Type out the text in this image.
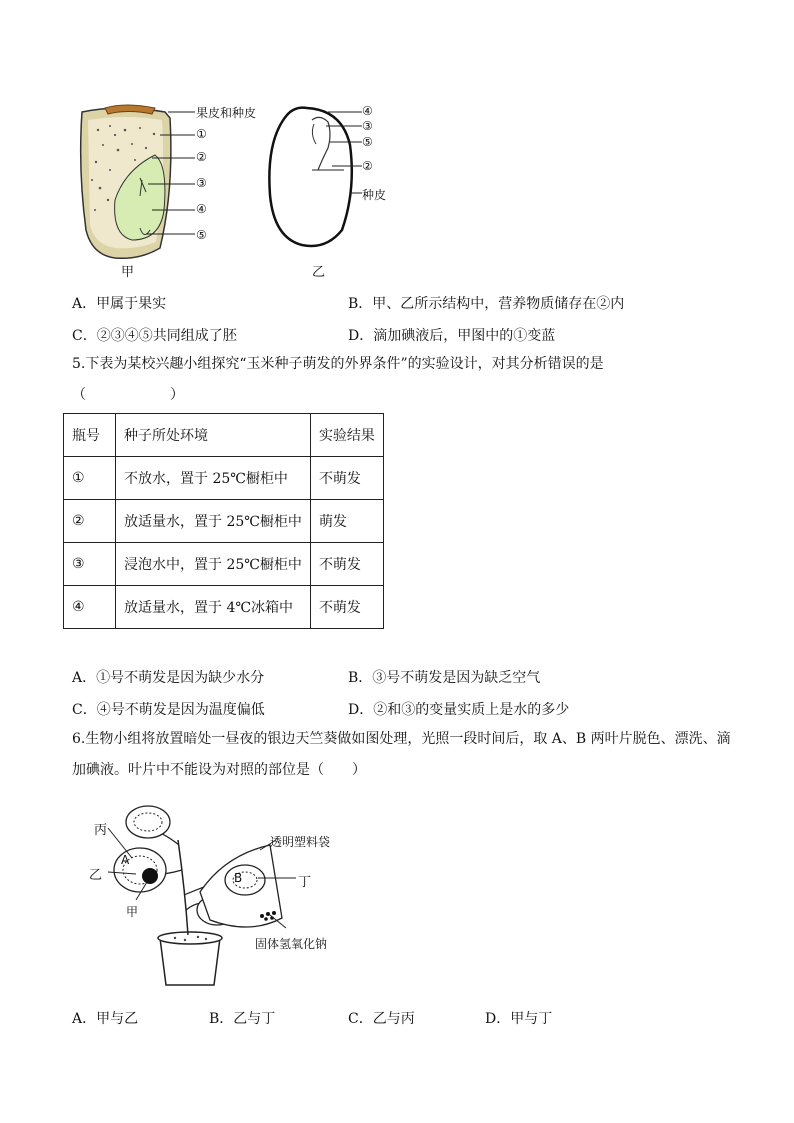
果皮和种皮
①
②
③
④
⑤
甲
④
③
⑤
②
种皮
乙
A．甲属于果实	B．甲、乙所示结构中，营养物质储存在②内
C．②③④⑤共同组成了胚	D．滴加碘液后，甲图中的①变蓝
5.下表为某校兴趣小组探究“玉米种子萌发的外界条件”的实验设计，对其分析错误的是
（　　　　　　）
瓶号	种子所处环境	实验结果
①	不放水，置于 25℃橱柜中	不萌发
②	放适量水，置于 25℃橱柜中	萌发
③	浸泡水中，置于 25℃橱柜中	不萌发
④	放适量水，置于 4℃冰箱中	不萌发
A．①号不萌发是因为缺少水分	B．③号不萌发是因为缺乏空气
C．④号不萌发是因为温度偏低	D．②和③的变量实质上是水的多少
6.生物小组将放置暗处一昼夜的银边天竺葵做如图处理，光照一段时间后，取 A、B 两叶片脱色、漂洗、滴
加碘液。叶片中不能设为对照的部位是（　　）
丙
A
乙
甲
B	丁
透明塑料袋
固体氢氧化钠
A．甲与乙	B．乙与丁	C．乙与丙	D．甲与丁
